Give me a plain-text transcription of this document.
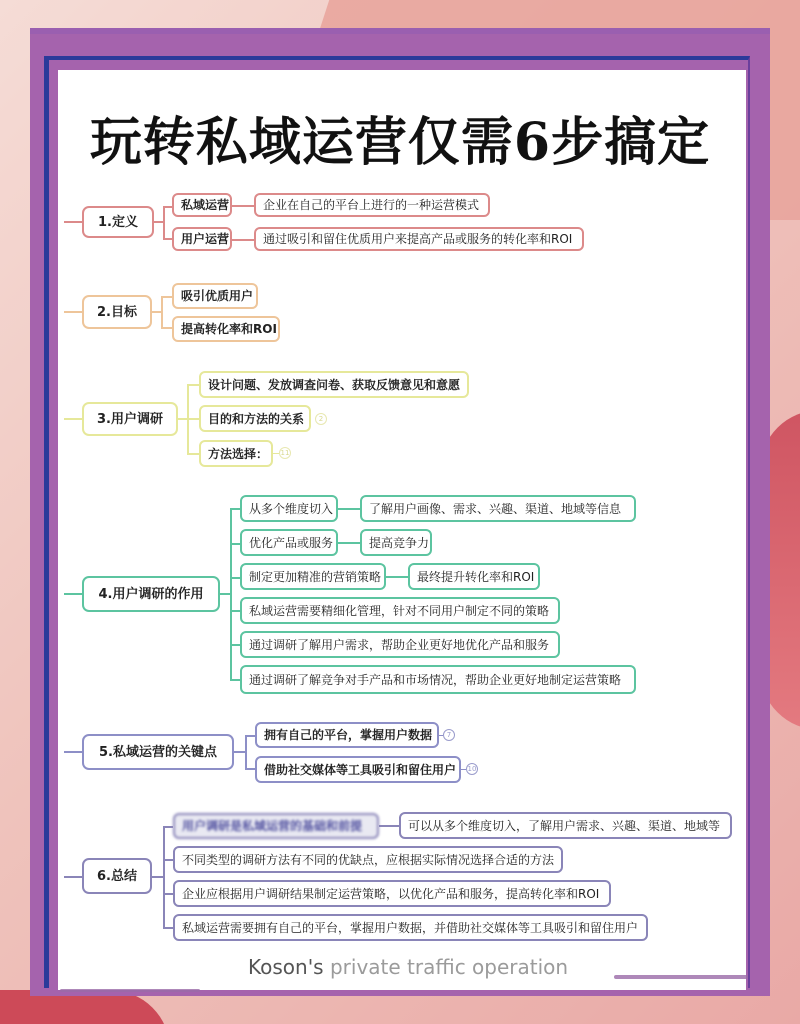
玩转私域运营仅需6步搞定
1.定义
私域运营	企业在自己的平台上进行的一种运营模式
用户运营	通过吸引和留住优质用户来提高产品或服务的转化率和ROI
2.目标
吸引优质用户
提高转化率和ROI
3.用户调研
设计问题、发放调查问卷、获取反馈意见和意愿
目的和方法的关系	2
方法选择：	11
4.用户调研的作用
从多个维度切入	了解用户画像、需求、兴趣、渠道、地域等信息
优化产品或服务	提高竞争力
制定更加精准的营销策略	最终提升转化率和ROI
私域运营需要精细化管理，针对不同用户制定不同的策略
通过调研了解用户需求，帮助企业更好地优化产品和服务
通过调研了解竞争对手产品和市场情况，帮助企业更好地制定运营策略
5.私域运营的关键点
拥有自己的平台，掌握用户数据	7
借助社交媒体等工具吸引和留住用户	10
6.总结
用户调研是私域运营的基础和前提	可以从多个维度切入，了解用户需求、兴趣、渠道、地域等
不同类型的调研方法有不同的优缺点，应根据实际情况选择合适的方法
企业应根据用户调研结果制定运营策略，以优化产品和服务，提高转化率和ROI
私域运营需要拥有自己的平台，掌握用户数据，并借助社交媒体等工具吸引和留住用户
Koson's private traffic operation
